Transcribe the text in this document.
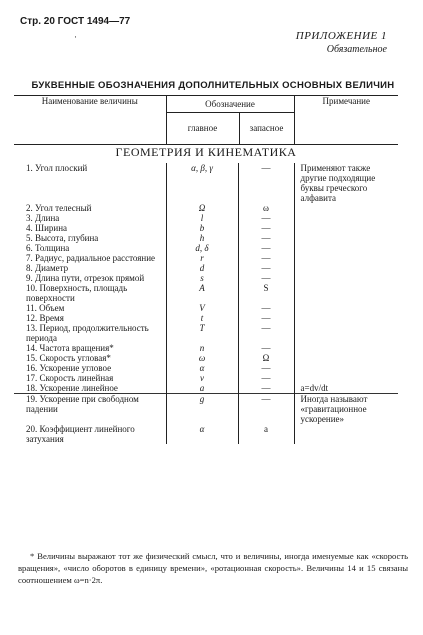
Стр. 20 ГОСТ 1494—77
·	ПРИЛОЖЕНИЕ 1
Обязательное
БУКВЕННЫЕ ОБОЗНАЧЕНИЯ ДОПОЛНИТЕЛЬНЫХ ОСНОВНЫХ ВЕЛИЧИН
Наименование величины	Обозначение
главное запасное		Примечание
ГЕОМЕТРИЯ И КИНЕМАТИКА			
1. Угол плоский	α, β, γ	—	Применяют также другие подходящие буквы греческого алфавита
2. Угол телесный	Ω	ω	
3. Длина	l	—	
4. Ширина	b	—	
5. Высота, глубина	h	—	
6. Толщина	d, δ	—	
7. Радиус, радиальное расстояние	r	—	
8. Диаметр	d	—	
9. Длина пути, отрезок прямой	s	—	
10. Поверхность, площадь поверхности	A	S	
11. Объем	V	—	
12. Время	t	—	
13. Период, продолжительность периода	T	—	
14. Частота вращения*	n	—	
15. Скорость угловая*	ω	Ω	
16. Ускорение угловое	α	—	
17. Скорость линейная	v	—	
18. Ускорение линейное	a	—	a=dv/dt
19. Ускорение при свободном падении	g	—	Иногда называют «гравитационное ускорение»
20. Коэффициент линейного затухания	α	a	
* Величины выражают тот же физический смысл, что и величины, иногда именуемые как «скорость вращения», «число оборотов в единицу времени», «ротационная скорость». Величины 14 и 15 связаны соотношением ω=n·2π.
